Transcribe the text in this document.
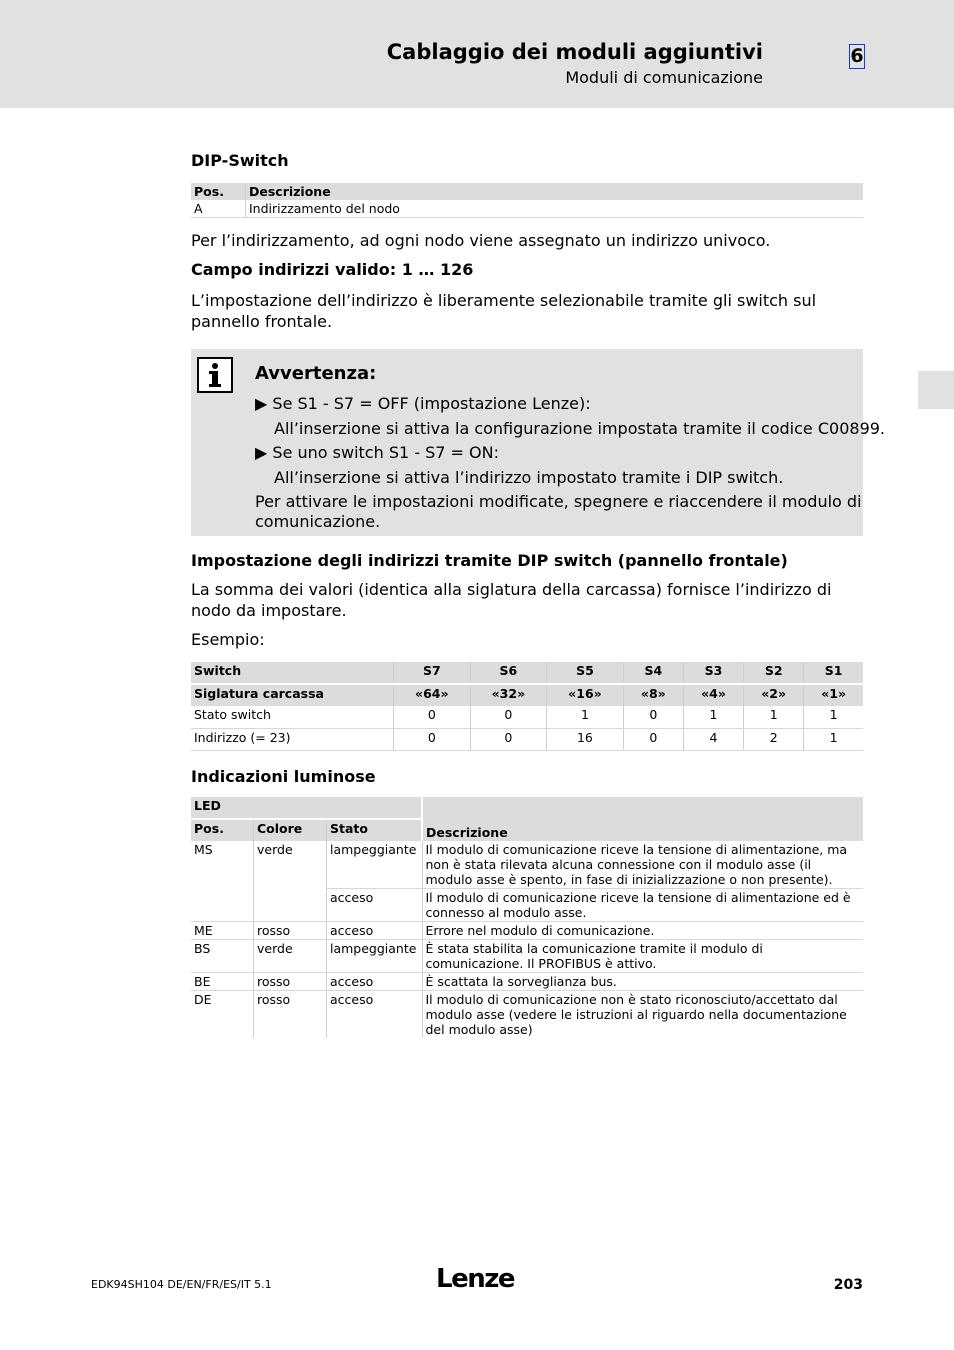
Cablaggio dei moduli aggiuntivi
Moduli di comunicazione
6
DIP-Switch
Pos.	Descrizione
A	Indirizzamento del nodo
Per l’indirizzamento, ad ogni nodo viene assegnato un indirizzo univoco.
Campo indirizzi valido: 1 … 126
L’impostazione dell’indirizzo è liberamente selezionabile tramite gli switch sul pannello frontale.
Avvertenza:
▶ Se S1 - S7 = OFF (impostazione Lenze):
All’inserzione si attiva la configurazione impostata tramite il codice C00899.
▶ Se uno switch S1 - S7 = ON:
All’inserzione si attiva l’indirizzo impostato tramite i DIP switch.
Per attivare le impostazioni modificate, spegnere e riaccendere il modulo di
comunicazione.
Impostazione degli indirizzi tramite DIP switch (pannello frontale)
La somma dei valori (identica alla siglatura della carcassa) fornisce l’indirizzo di nodo da impostare.
Esempio:
Switch	S7	S6	S5	S4	S3	S2	S1
Siglatura carcassa	«64»	«32»	«16»	«8»	«4»	«2»	«1»
Stato switch	0	0	1	0	1	1	1
Indirizzo (= 23)	0	0	16	0	4	2	1
Indicazioni luminose
LED			Descrizione
Pos.	Colore	Stato	
MS	verde	lampeggiante	Il modulo di comunicazione riceve la tensione di alimentazione, ma non è stata rilevata alcuna connessione con il modulo asse (il modulo asse è spento, in fase di inizializzazione o non presente).
		acceso	Il modulo di comunicazione riceve la tensione di alimentazione ed è connesso al modulo asse.
ME	rosso	acceso	Errore nel modulo di comunicazione.
BS	verde	lampeggiante	È stata stabilita la comunicazione tramite il modulo di comunicazione. Il PROFIBUS è attivo.
BE	rosso	acceso	È scattata la sorveglianza bus.
DE	rosso	acceso	Il modulo di comunicazione non è stato riconosciuto/accettato dal modulo asse (vedere le istruzioni al riguardo nella documentazione del modulo asse)
EDK94SH104 DE/EN/FR/ES/IT 5.1	Lenze	203
